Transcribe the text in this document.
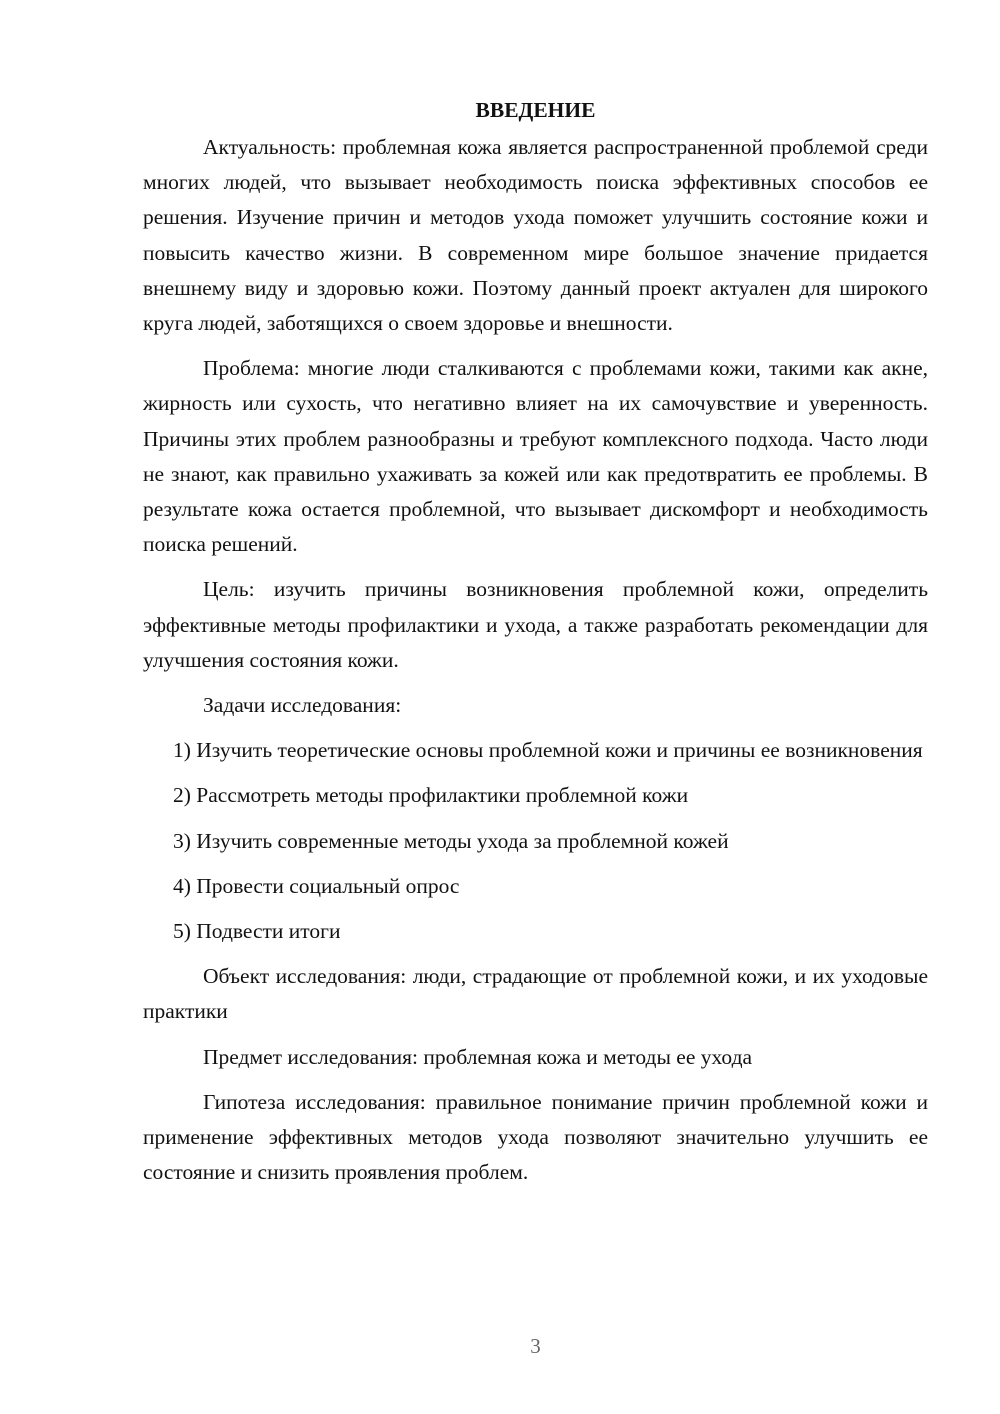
ВВЕДЕНИЕ

Актуальность: проблемная кожа является распространенной проблемой среди многих людей, что вызывает необходимость поиска эффективных способов ее решения. Изучение причин и методов ухода поможет улучшить состояние кожи и повысить качество жизни. В современном мире большое значение придается внешнему виду и здоровью кожи. Поэтому данный проект актуален для широкого круга людей, заботящихся о своем здоровье и внешности.

Проблема: многие люди сталкиваются с проблемами кожи, такими как акне, жирность или сухость, что негативно влияет на их самочувствие и уверенность. Причины этих проблем разнообразны и требуют комплексного подхода. Часто люди не знают, как правильно ухаживать за кожей или как предотвратить ее проблемы. В результате кожа остается проблемной, что вызывает дискомфорт и необходимость поиска решений.

Цель: изучить причины возникновения проблемной кожи, определить эффективные методы профилактики и ухода, а также разработать рекомендации для улучшения состояния кожи.

Задачи исследования:

1) Изучить теоретические основы проблемной кожи и причины ее возникновения

2) Рассмотреть методы профилактики проблемной кожи

3) Изучить современные методы ухода за проблемной кожей

4) Провести социальный опрос

5) Подвести итоги

Объект исследования: люди, страдающие от проблемной кожи, и их уходовые практики

Предмет исследования: проблемная кожа и методы ее ухода

Гипотеза исследования: правильное понимание причин проблемной кожи и применение эффективных методов ухода позволяют значительно улучшить ее состояние и снизить проявления проблем.

3
